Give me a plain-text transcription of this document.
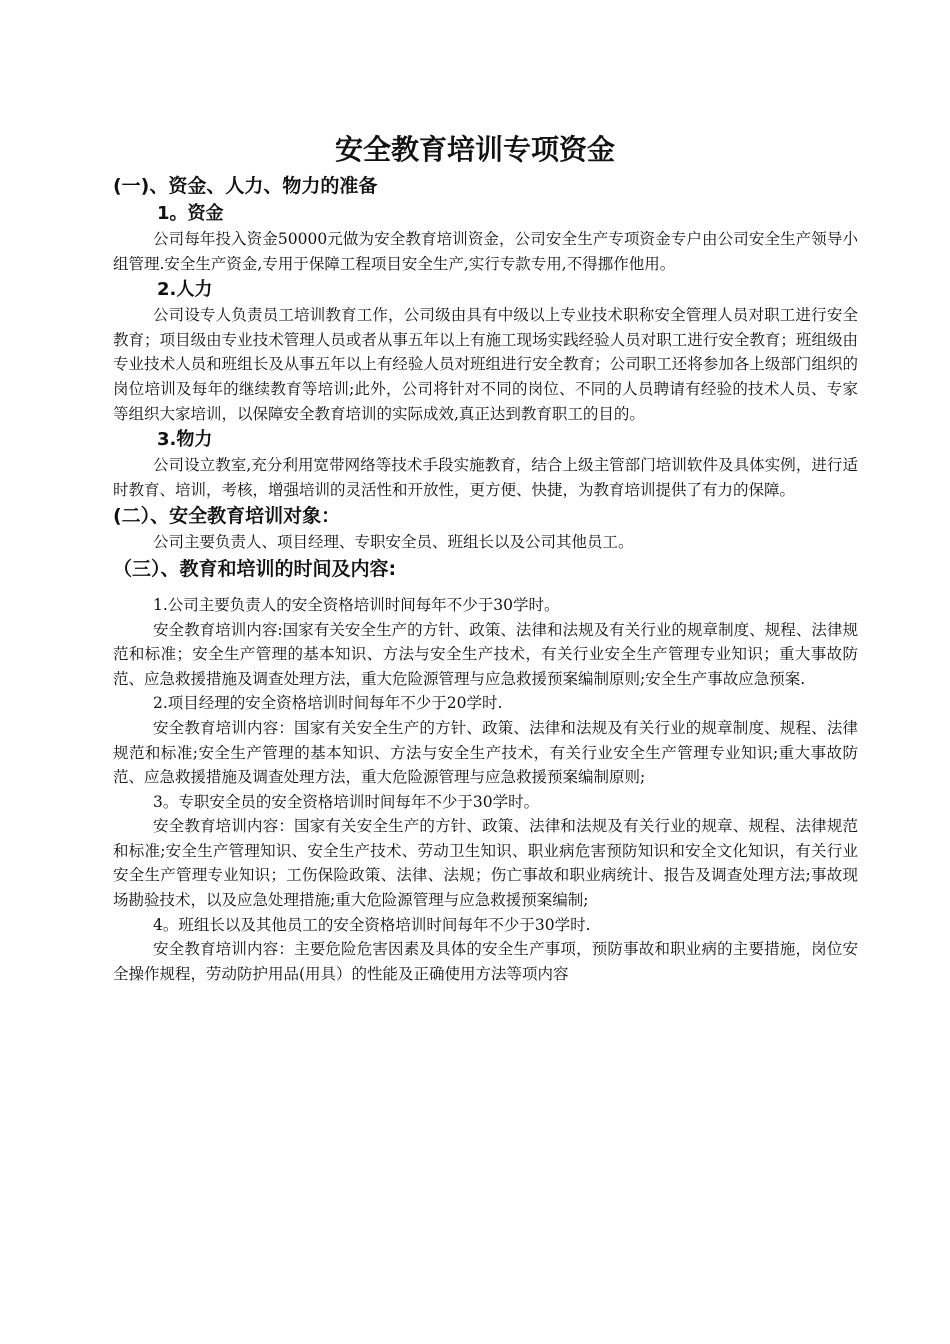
安全教育培训专项资金

(一)、资金、人力、物力的准备

1。资金

公司每年投入资金50000元做为安全教育培训资金，公司安全生产专项资金专户由公司安全生产领导小组管理.安全生产资金,专用于保障工程项目安全生产,实行专款专用,不得挪作他用。

2.人力

公司设专人负责员工培训教育工作，公司级由具有中级以上专业技术职称安全管理人员对职工进行安全教育；项目级由专业技术管理人员或者从事五年以上有施工现场实践经验人员对职工进行安全教育；班组级由专业技术人员和班组长及从事五年以上有经验人员对班组进行安全教育；公司职工还将参加各上级部门组织的岗位培训及每年的继续教育等培训;此外，公司将针对不同的岗位、不同的人员聘请有经验的技术人员、专家等组织大家培训，以保障安全教育培训的实际成效,真正达到教育职工的目的。

3.物力

公司设立教室,充分利用宽带网络等技术手段实施教育，结合上级主管部门培训软件及具体实例，进行适时教育、培训，考核，增强培训的灵活性和开放性，更方便、快捷，为教育培训提供了有力的保障。

(二）、安全教育培训对象：

公司主要负责人、项目经理、专职安全员、班组长以及公司其他员工。

（三）、教育和培训的时间及内容:

1.公司主要负责人的安全资格培训时间每年不少于30学时。

安全教育培训内容:国家有关安全生产的方针、政策、法律和法规及有关行业的规章制度、规程、法律规范和标准；安全生产管理的基本知识、方法与安全生产技术，有关行业安全生产管理专业知识；重大事故防范、应急救援措施及调查处理方法，重大危险源管理与应急救援预案编制原则;安全生产事故应急预案.

2.项目经理的安全资格培训时间每年不少于20学时.

安全教育培训内容：国家有关安全生产的方针、政策、法律和法规及有关行业的规章制度、规程、法律规范和标准;安全生产管理的基本知识、方法与安全生产技术，有关行业安全生产管理专业知识;重大事故防范、应急救援措施及调查处理方法，重大危险源管理与应急救援预案编制原则;

3。专职安全员的安全资格培训时间每年不少于30学时。

安全教育培训内容：国家有关安全生产的方针、政策、法律和法规及有关行业的规章、规程、法律规范和标准;安全生产管理知识、安全生产技术、劳动卫生知识、职业病危害预防知识和安全文化知识，有关行业安全生产管理专业知识；工伤保险政策、法律、法规；伤亡事故和职业病统计、报告及调查处理方法;事故现场勘验技术，以及应急处理措施;重大危险源管理与应急救援预案编制;

4。班组长以及其他员工的安全资格培训时间每年不少于30学时.

安全教育培训内容：主要危险危害因素及具体的安全生产事项，预防事故和职业病的主要措施，岗位安全操作规程，劳动防护用品(用具）的性能及正确使用方法等项内容
